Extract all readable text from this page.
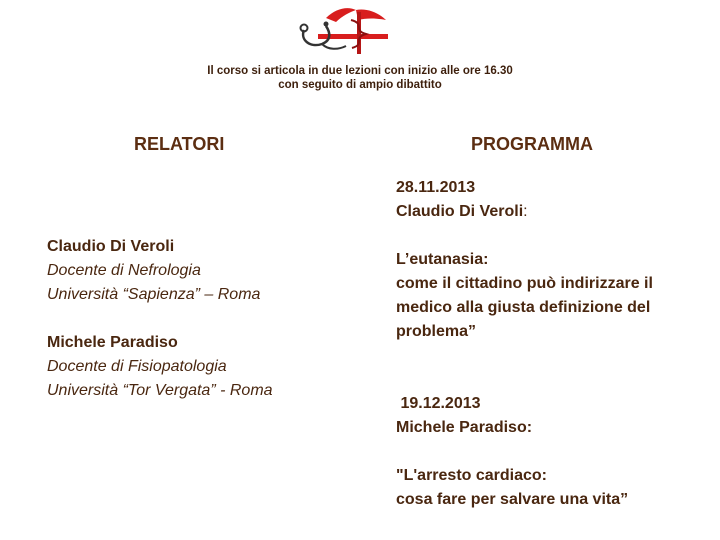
Il corso si articola in due lezioni con inizio alle ore 16.30
con seguito di ampio dibattito
RELATORI	PROGRAMMA
Claudio Di Veroli
Docente di Nefrologia
Università “Sapienza” – Roma
Michele Paradiso
Docente di Fisiopatologia
Università “Tor Vergata” - Roma
28.11.2013
Claudio Di Veroli:
L’eutanasia:
come il cittadino può indirizzare il
medico alla giusta definizione del
problema”
19.12.2013
Michele Paradiso:
"L'arresto cardiaco:
cosa fare per salvare una vita”
